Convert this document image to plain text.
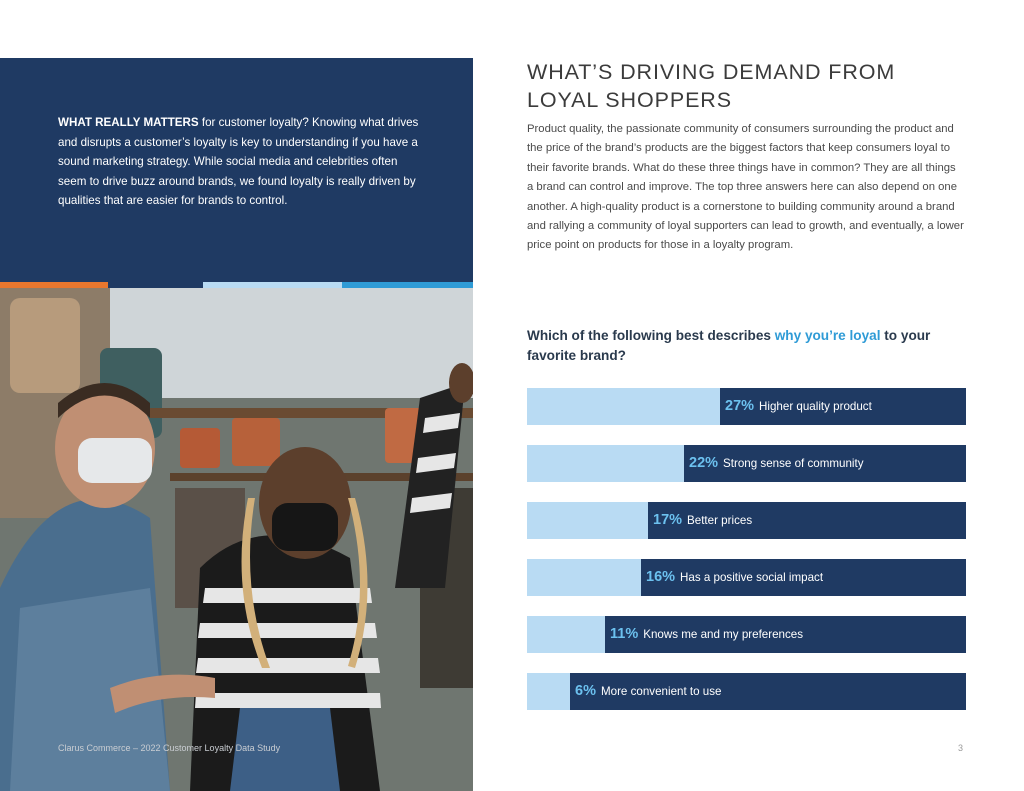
WHAT REALLY MATTERS for customer loyalty? Knowing what drives and disrupts a customer’s loyalty is key to understanding if you have a sound marketing strategy. While social media and celebrities often seem to drive buzz around brands, we found loyalty is really driven by qualities that are easier for brands to control.

Clarus Commerce – 2022 Customer Loyalty Data Study	3
WHAT’S DRIVING DEMAND FROM
LOYAL SHOPPERS

Product quality, the passionate community of consumers surrounding the product and the price of the brand’s products are the biggest factors that keep consumers loyal to their favorite brands. What do these three things have in common? They are all things a brand can control and improve. The top three answers here can also depend on one another. A high-quality product is a cornerstone to building community around a brand and rallying a community of loyal supporters can lead to growth, and eventually, a lower price point on products for those in a loyalty program.

Which of the following best describes why you’re loyal to your favorite brand?

27% Higher quality product
22% Strong sense of community
17% Better prices
16% Has a positive social impact
11% Knows me and my preferences
6% More convenient to use
